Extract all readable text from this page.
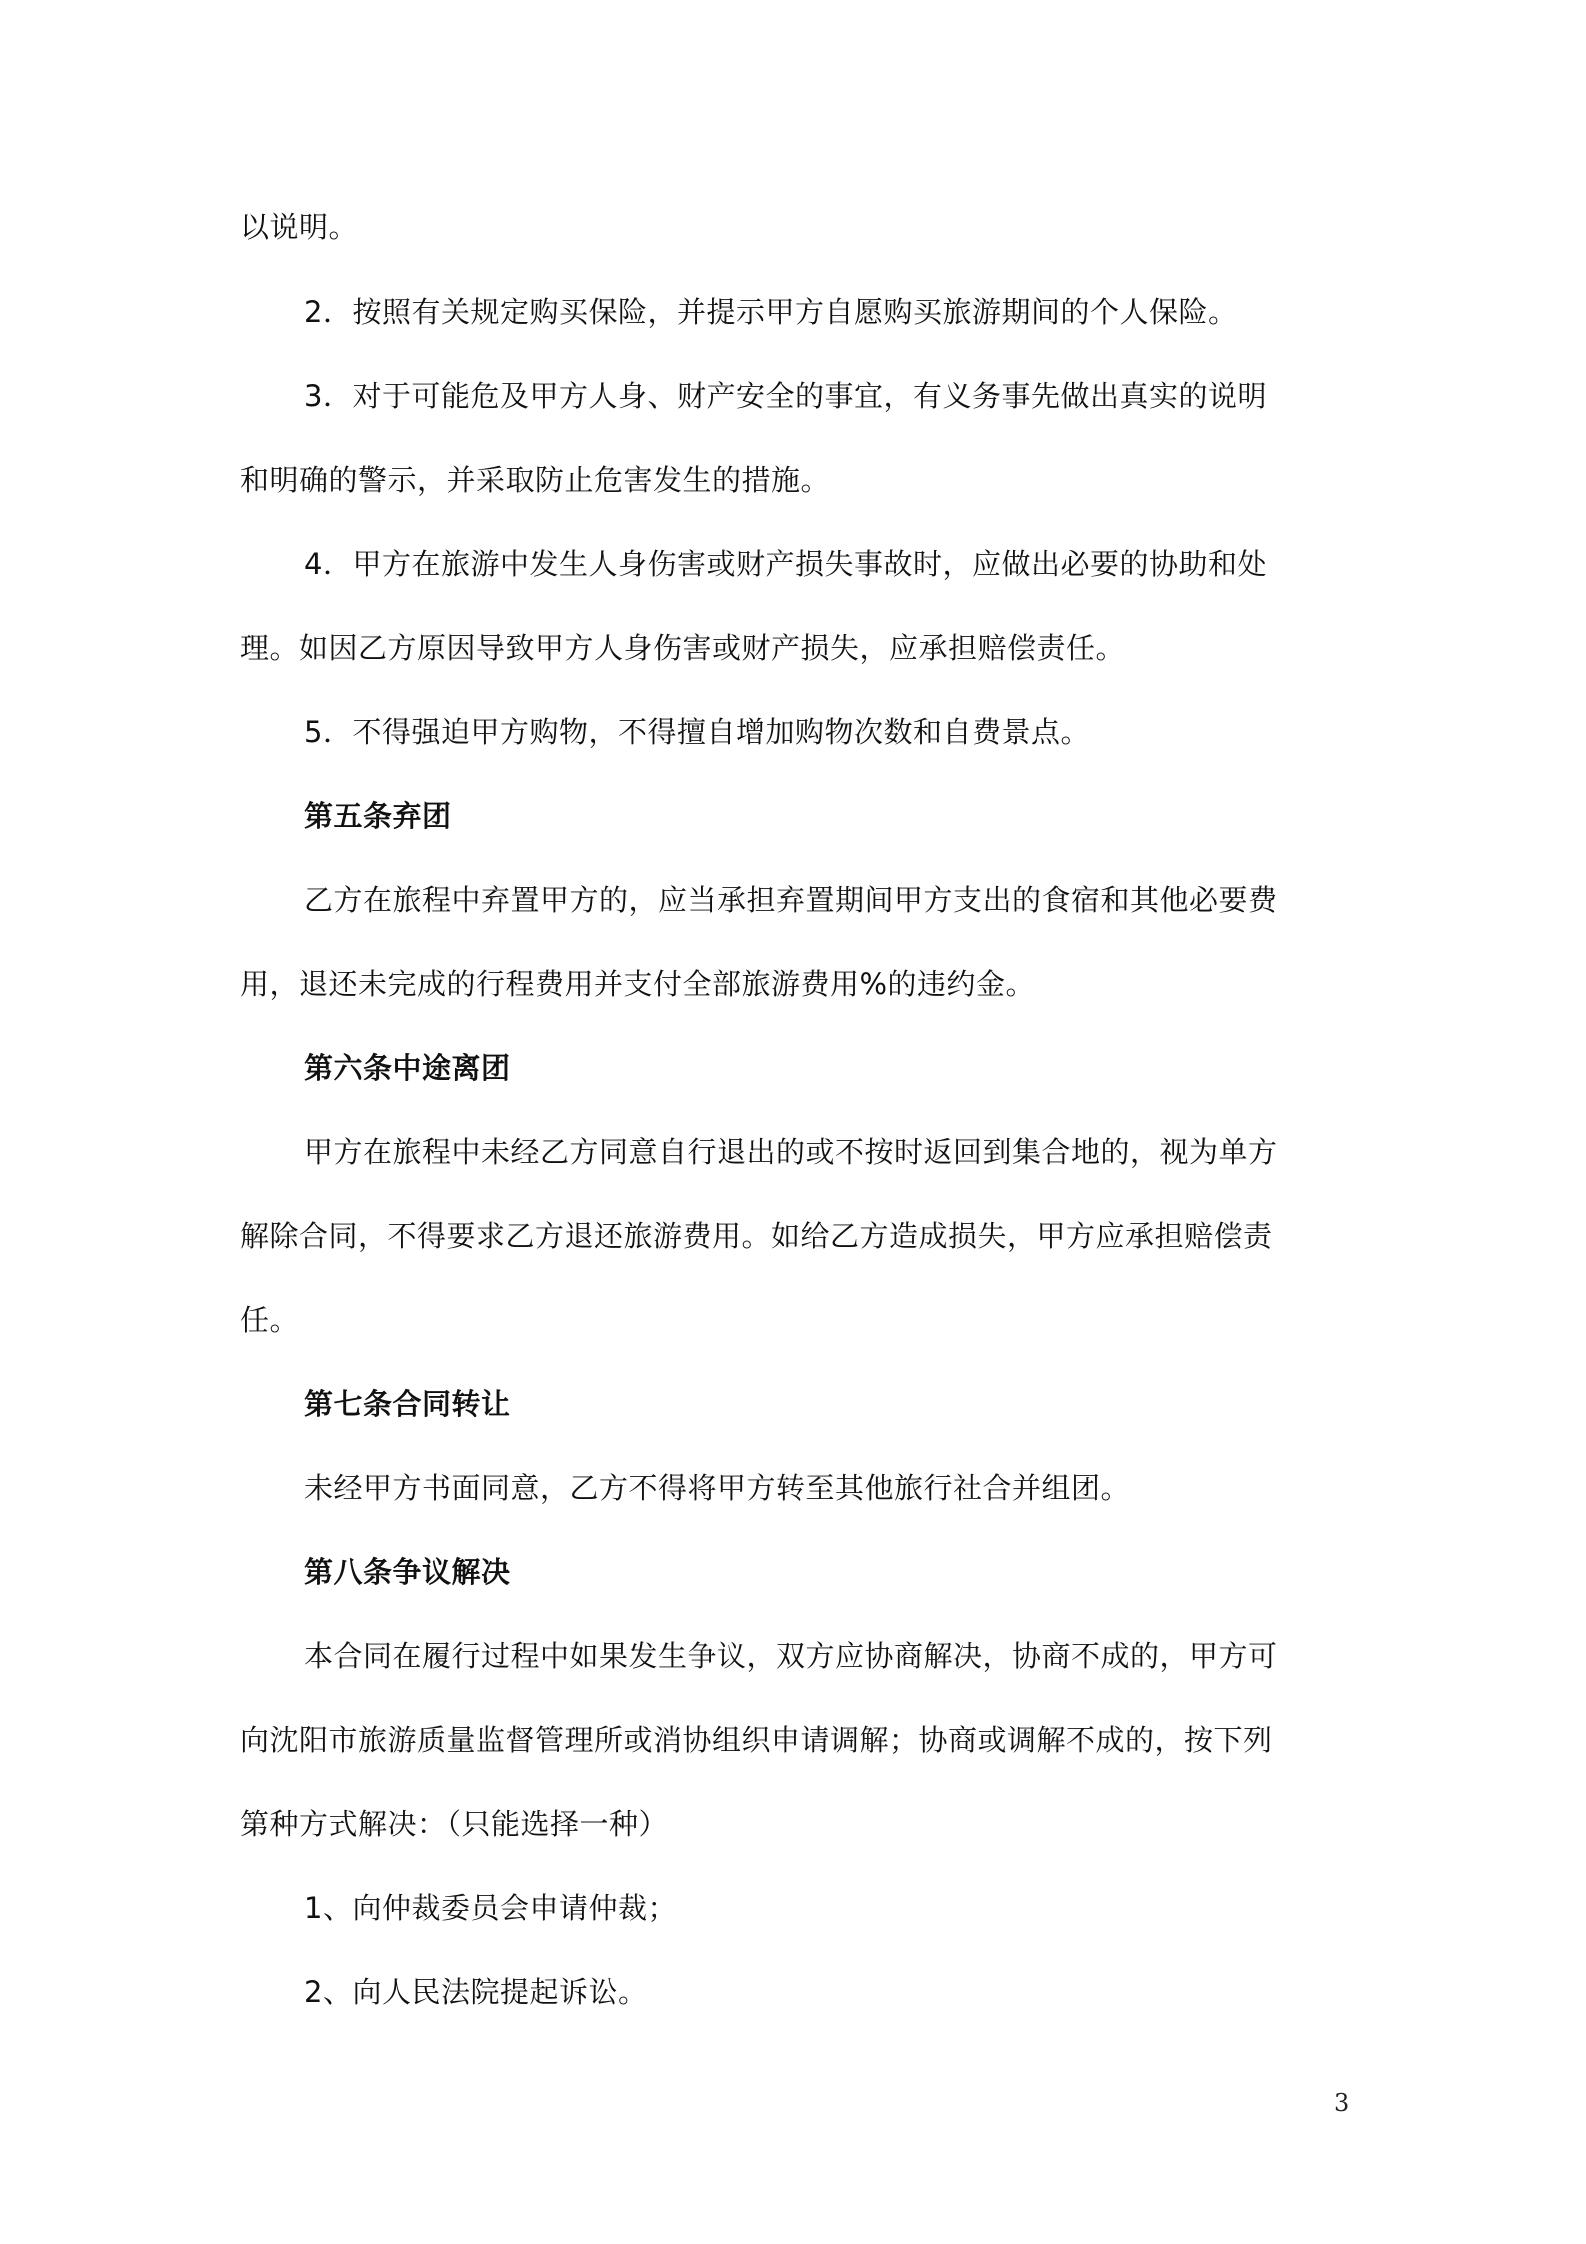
以说明。
2．按照有关规定购买保险，并提示甲方自愿购买旅游期间的个人保险。
3．对于可能危及甲方人身、财产安全的事宜，有义务事先做出真实的说明
和明确的警示，并采取防止危害发生的措施。
4．甲方在旅游中发生人身伤害或财产损失事故时，应做出必要的协助和处
理。如因乙方原因导致甲方人身伤害或财产损失，应承担赔偿责任。
5．不得强迫甲方购物，不得擅自增加购物次数和自费景点。
第五条弃团
乙方在旅程中弃置甲方的，应当承担弃置期间甲方支出的食宿和其他必要费
用，退还未完成的行程费用并支付全部旅游费用%的违约金。
第六条中途离团
甲方在旅程中未经乙方同意自行退出的或不按时返回到集合地的，视为单方
解除合同，不得要求乙方退还旅游费用。如给乙方造成损失，甲方应承担赔偿责
任。
第七条合同转让
未经甲方书面同意，乙方不得将甲方转至其他旅行社合并组团。
第八条争议解决
本合同在履行过程中如果发生争议，双方应协商解决，协商不成的，甲方可
向沈阳市旅游质量监督管理所或消协组织申请调解；协商或调解不成的，按下列
第种方式解决：（只能选择一种）
1、向仲裁委员会申请仲裁；
2、向人民法院提起诉讼。
3
